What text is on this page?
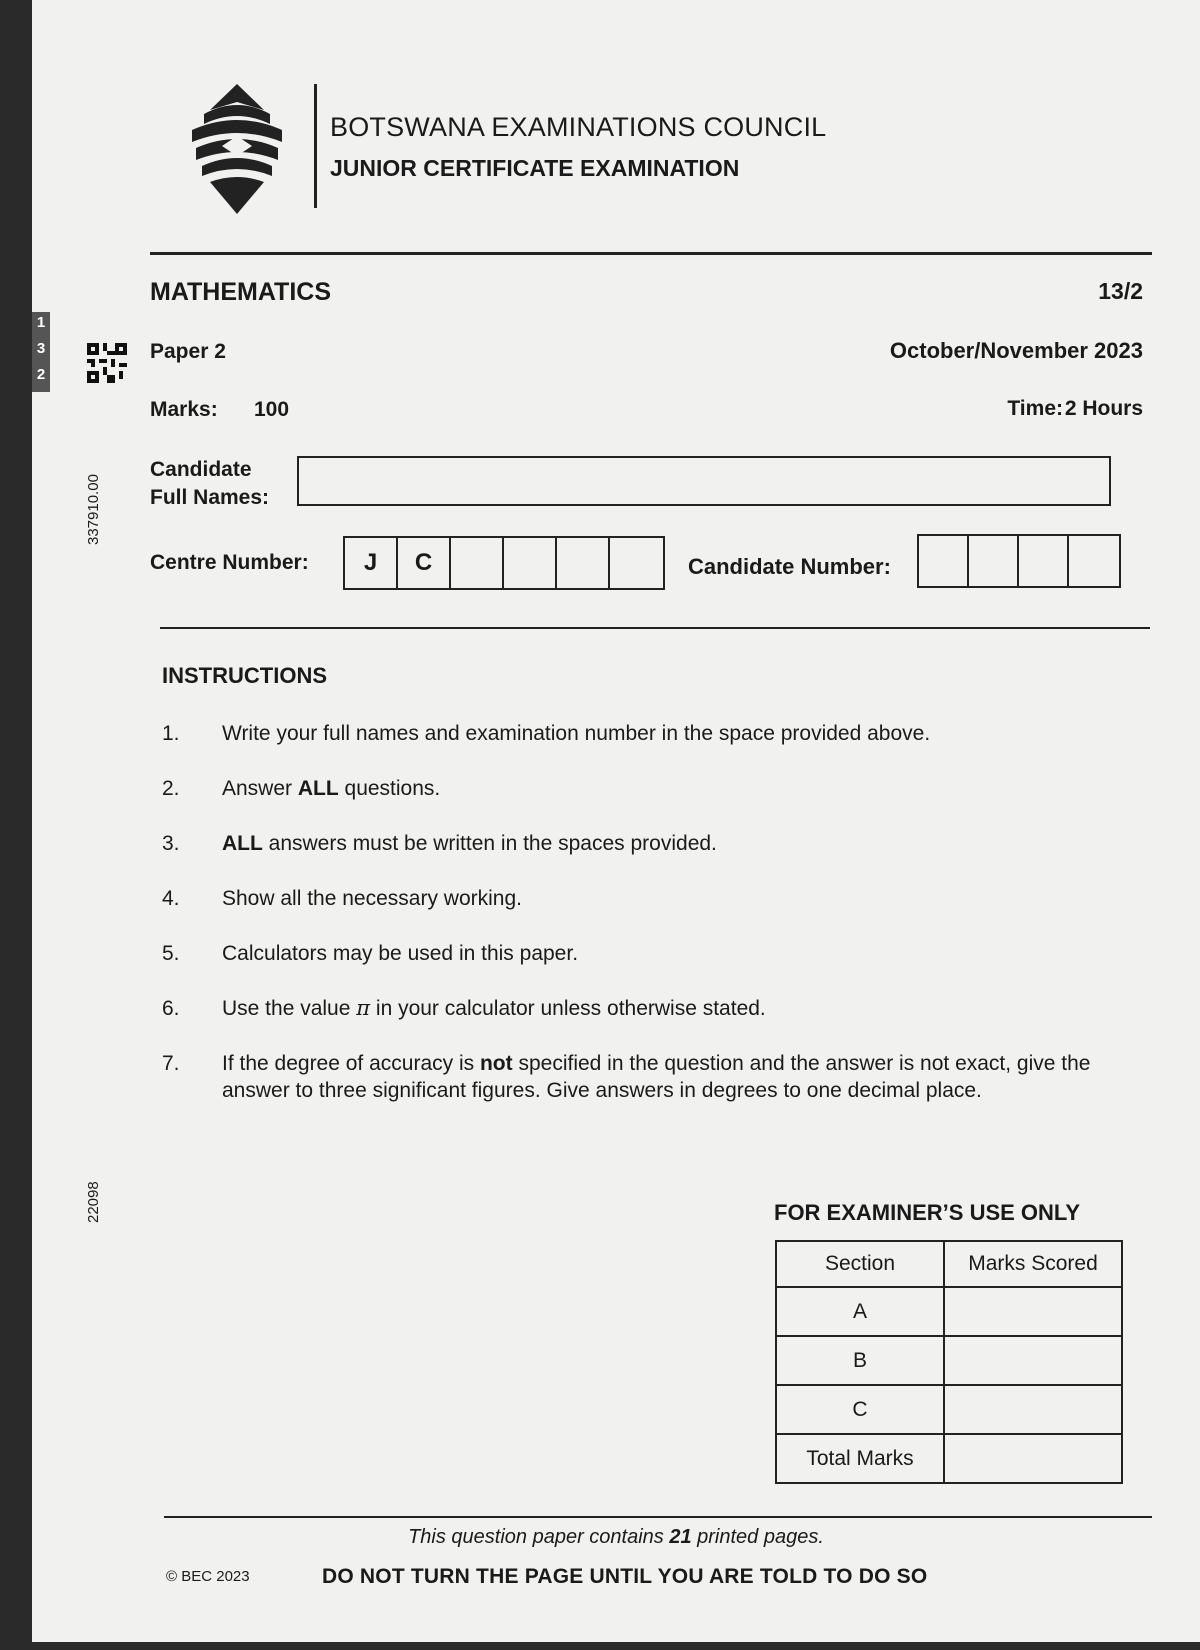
1
3
2
337910.00
22098
BOTSWANA EXAMINATIONS COUNCIL
JUNIOR CERTIFICATE EXAMINATION
MATHEMATICS	13/2
Paper 2	October/November 2023
Marks: 100	Time: 2 Hours
Candidate
Full Names:
Centre Number:	J	C	Candidate Number:
INSTRUCTIONS
1.	Write your full names and examination number in the space provided above.
2.	Answer ALL questions.
3.	ALL answers must be written in the spaces provided.
4.	Show all the necessary working.
5.	Calculators may be used in this paper.
6.	Use the value π in your calculator unless otherwise stated.
7.	If the degree of accuracy is not specified in the question and the answer is not exact, give the answer to three significant figures. Give answers in degrees to one decimal place.
FOR EXAMINER’S USE ONLY
Section	Marks Scored
A	
B	
C	
Total Marks	
This question paper contains 21 printed pages.
© BEC 2023	DO NOT TURN THE PAGE UNTIL YOU ARE TOLD TO DO SO
